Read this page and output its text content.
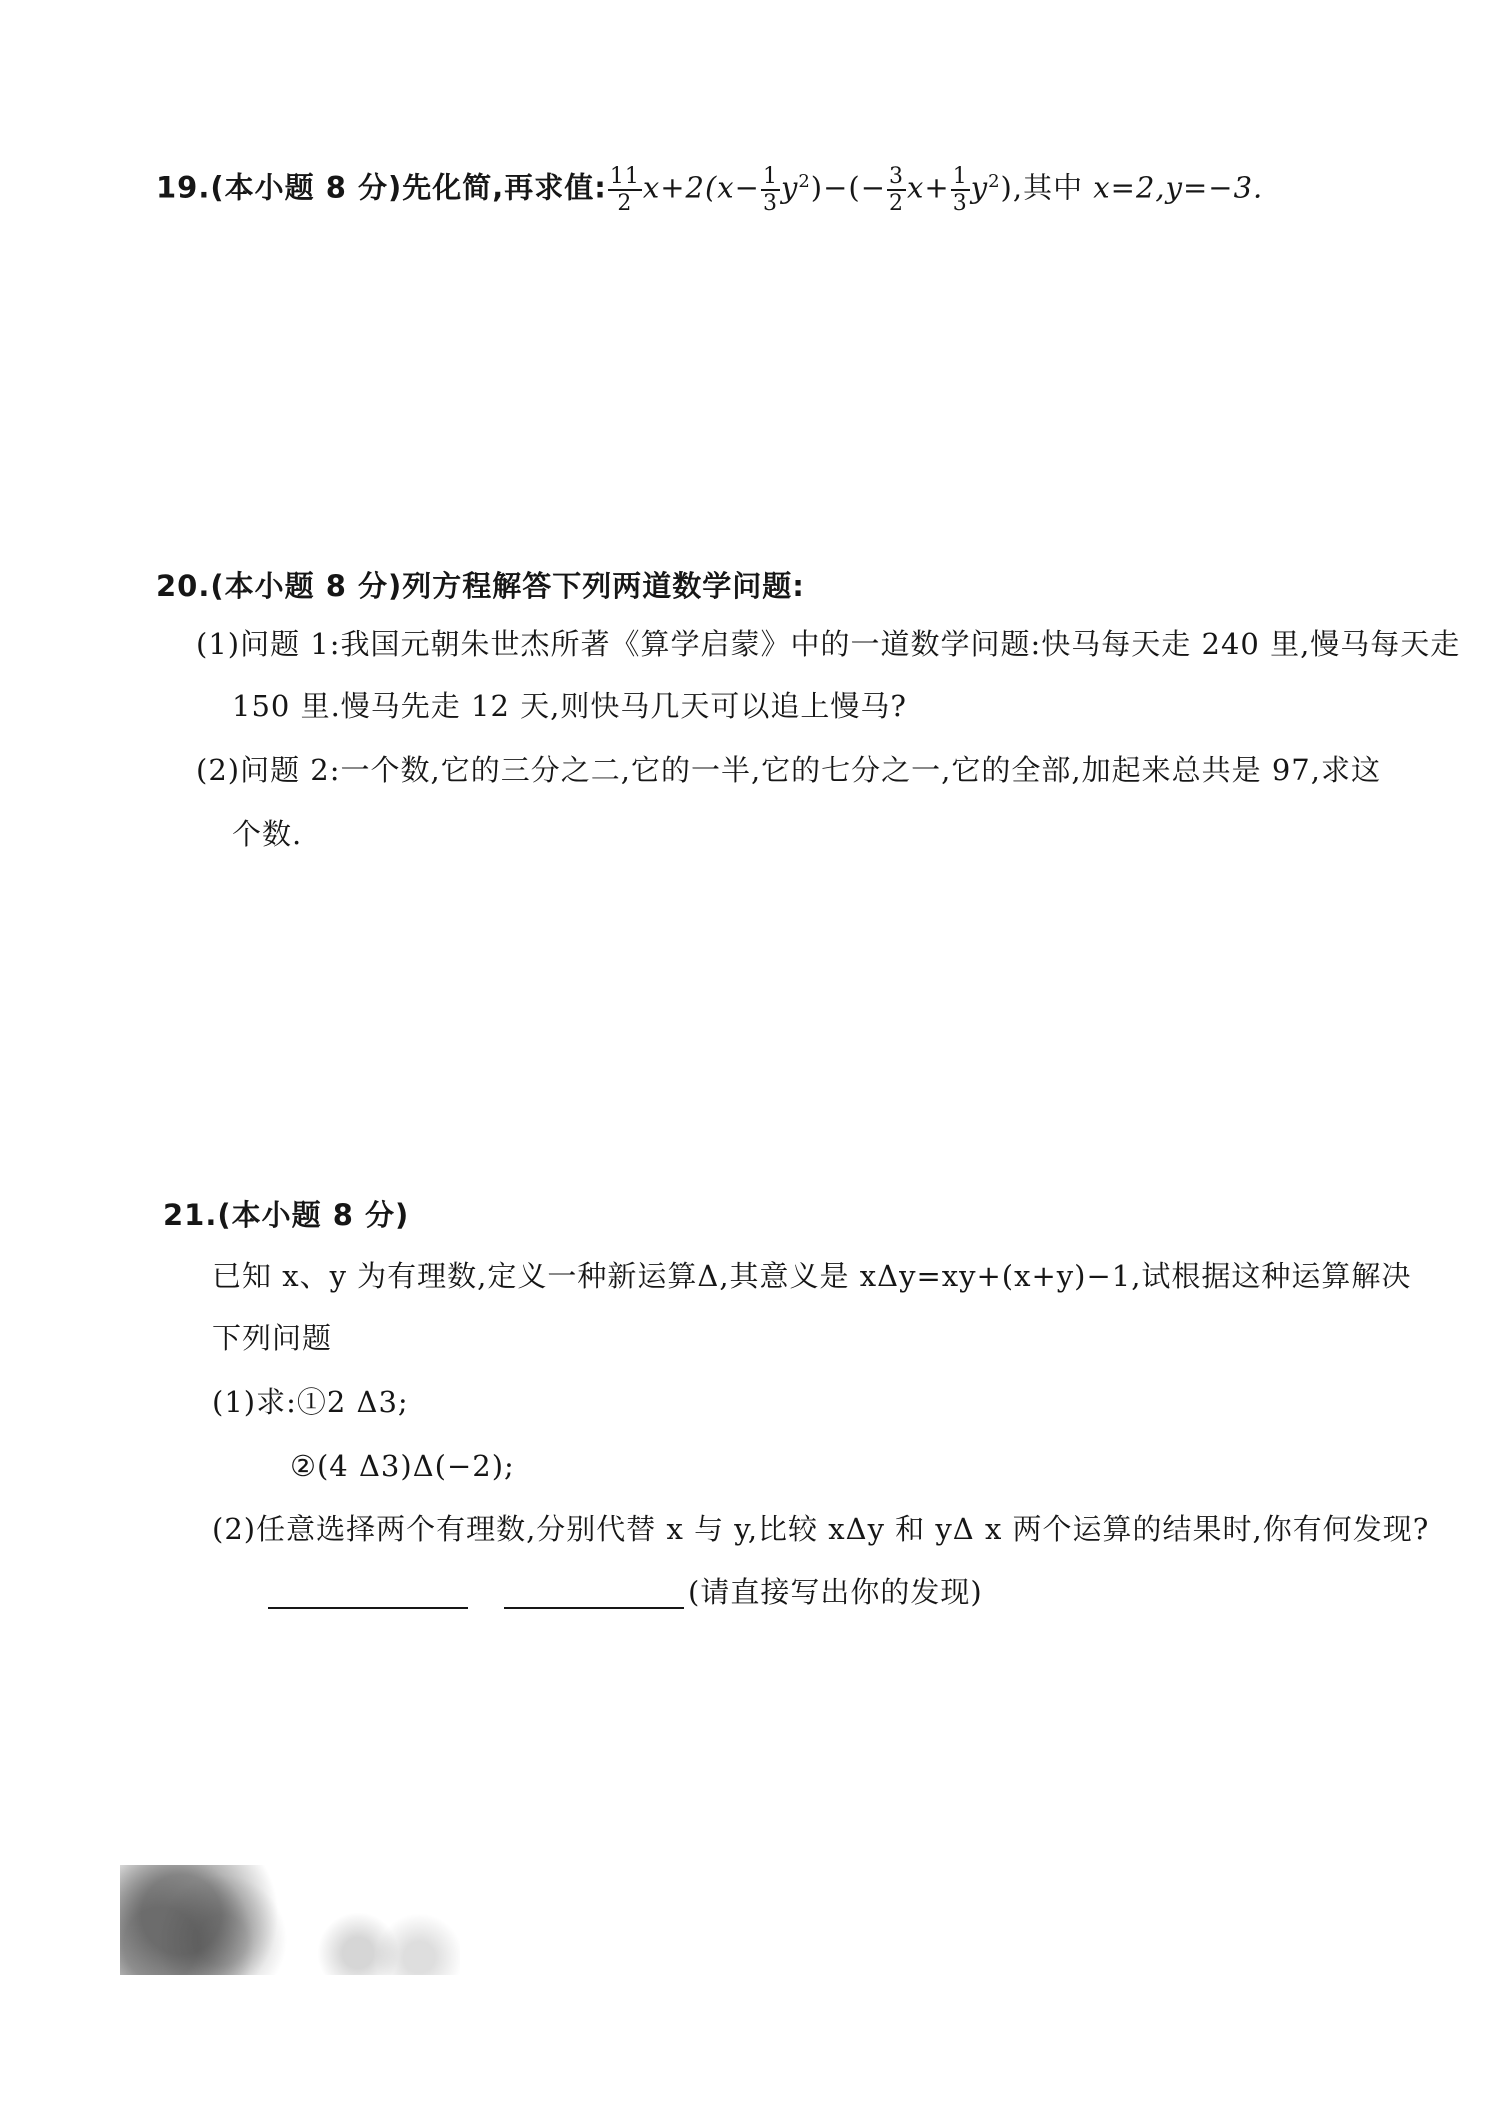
19.(本小题 8 分)先化简,再求值: $\frac{11}{2} x+2(x- \frac{1}{3} y^2)-(- \frac{3}{2} x+ \frac{1}{3} y^2)$,其中 x=2,y=−3.
20.(本小题 8 分)列方程解答下列两道数学问题:
(1)问题 1:我国元朝朱世杰所著《算学启蒙》中的一道数学问题:快马每天走 240 里,慢马每天走
150 里.慢马先走 12 天,则快马几天可以追上慢马?
(2)问题 2:一个数,它的三分之二,它的一半,它的七分之一,它的全部,加起来总共是 97,求这
个数.
21.(本小题 8 分)
已知 x、y 为有理数,定义一种新运算Δ,其意义是 xΔy=xy+(x+y)−1,试根据这种运算解决
下列问题
(1)求:①2 Δ3;
②(4 Δ3)Δ(−2);
(2)任意选择两个有理数,分别代替 x 与 y,比较 xΔy 和 yΔ x 两个运算的结果时,你有何发现?
(请直接写出你的发现)
